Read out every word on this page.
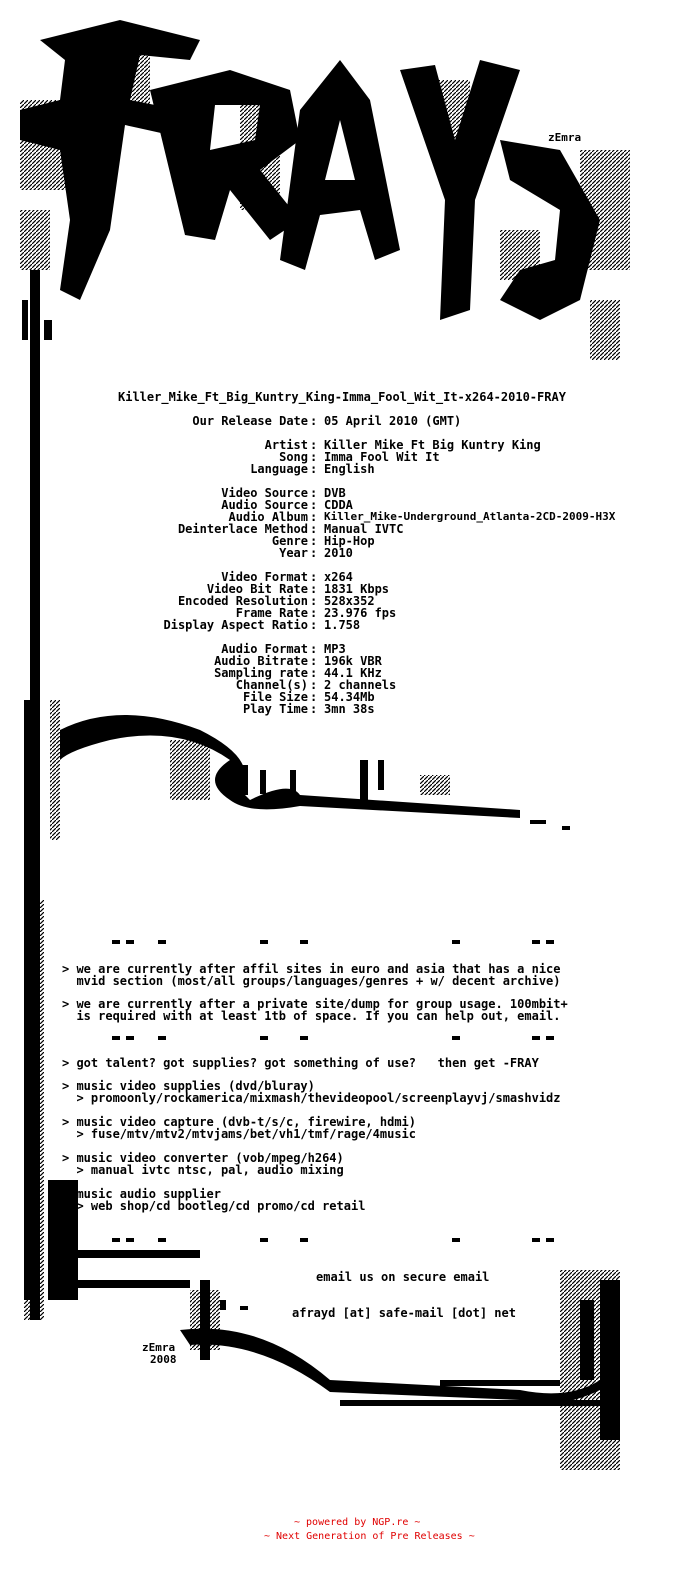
zEmra
Killer_Mike_Ft_Big_Kuntry_King-Imma_Fool_Wit_It-x264-2010-FRAY
Our Release Date 05 April 2010 (GMT)
:
Artist : Killer Mike Ft Big Kuntry King
Song : Imma Fool Wit It
Language : English
Video Source : DVB
Audio Source : CDDA
Audio Album : Killer_Mike-Underground_Atlanta-2CD-2009-H3X
Deinterlace Method : Manual IVTC
Genre : Hip-Hop
Year : 2010
Video Format : x264
Video Bit Rate : 1831 Kbps
Encoded Resolution : 528x352
Frame Rate : 23.976 fps
Display Aspect Ratio : 1.758
Audio Format : MP3
Audio Bitrate : 196k VBR
Sampling rate : 44.1 KHz
Channel(s) : 2 channels
File Size : 54.34Mb
Play Time : 3mn 38s
> we are currently after affil sites in euro and asia that has a nice
mvid section (most/all groups/languages/genres + w/ decent archive)
> we are currently after a private site/dump for group usage. 100mbit+
is required with at least 1tb of space. If you can help out, email.
> got talent? got supplies? got something of use?   then get -FRAY
> music video supplies (dvd/bluray)
> promoonly/rockamerica/mixmash/thevideopool/screenplayvj/smashvidz
> music video capture (dvb-t/s/c, firewire, hdmi)
> fuse/mtv/mtv2/mtvjams/bet/vh1/tmf/rage/4music
> music video converter (vob/mpeg/h264)
> manual ivtc ntsc, pal, audio mixing
> music audio supplier
> web shop/cd bootleg/cd promo/cd retail
email us on secure email
afrayd [at] safe-mail [dot] net
zEmra
2008
~ powered by NGP.re ~
~ Next Generation of Pre Releases ~
